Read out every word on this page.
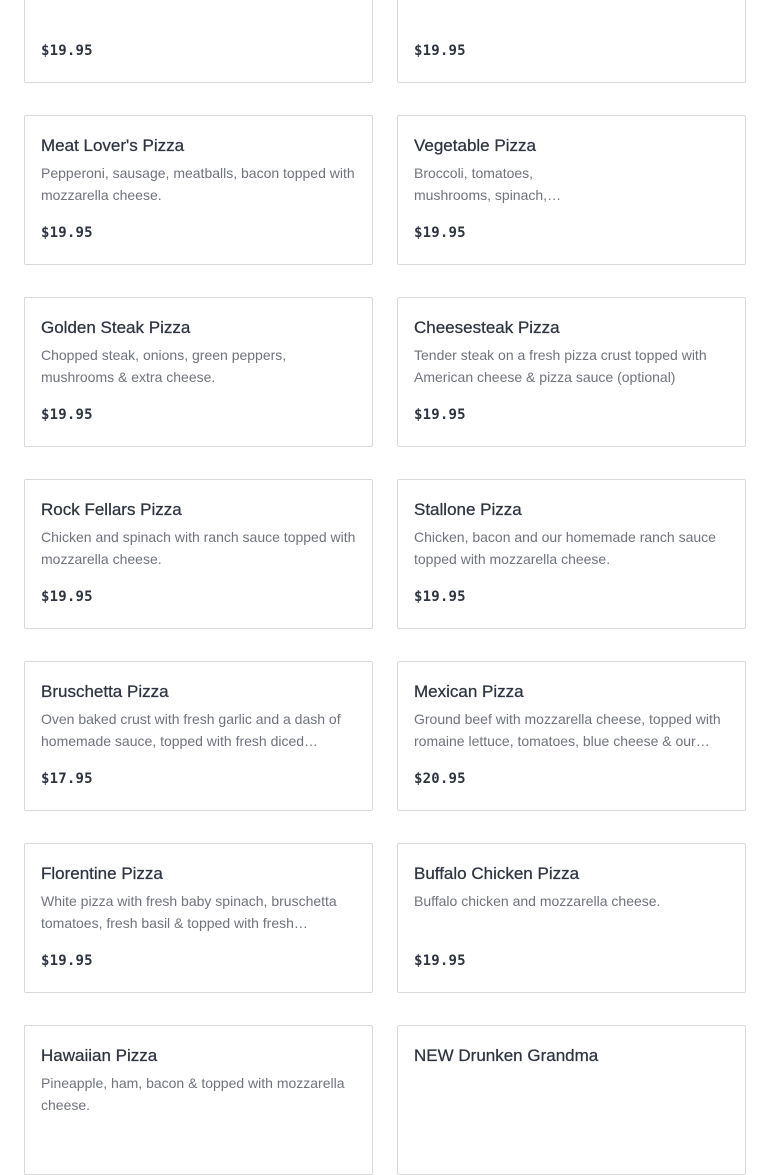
$19.95	$19.95
Meat Lover's Pizza
Pepperoni, sausage, meatballs, bacon topped with mozzarella cheese.
$19.95
Vegetable Pizza
Broccoli, tomatoes, mushrooms, spinach,
$19.95
Golden Steak Pizza
Chopped steak, onions, green peppers, mushrooms & extra cheese.
$19.95
Cheesesteak Pizza
Tender steak on a fresh pizza crust topped with American cheese & pizza sauce (optional)
$19.95
Rock Fellars Pizza
Chicken and spinach with ranch sauce topped with mozzarella cheese.
$19.95
Stallone Pizza
Chicken, bacon and our homemade ranch sauce topped with mozzarella cheese.
$19.95
Bruschetta Pizza
Oven baked crust with fresh garlic and a dash of homemade sauce, topped with fresh diced
$17.95
Mexican Pizza
Ground beef with mozzarella cheese, topped with romaine lettuce, tomatoes, blue cheese & our
$20.95
Florentine Pizza
White pizza with fresh baby spinach, bruschetta tomatoes, fresh basil & topped with fresh
$19.95
Buffalo Chicken Pizza
Buffalo chicken and mozzarella cheese.
$19.95
Hawaiian Pizza
Pineapple, ham, bacon & topped with mozzarella cheese.
NEW Drunken Grandma
